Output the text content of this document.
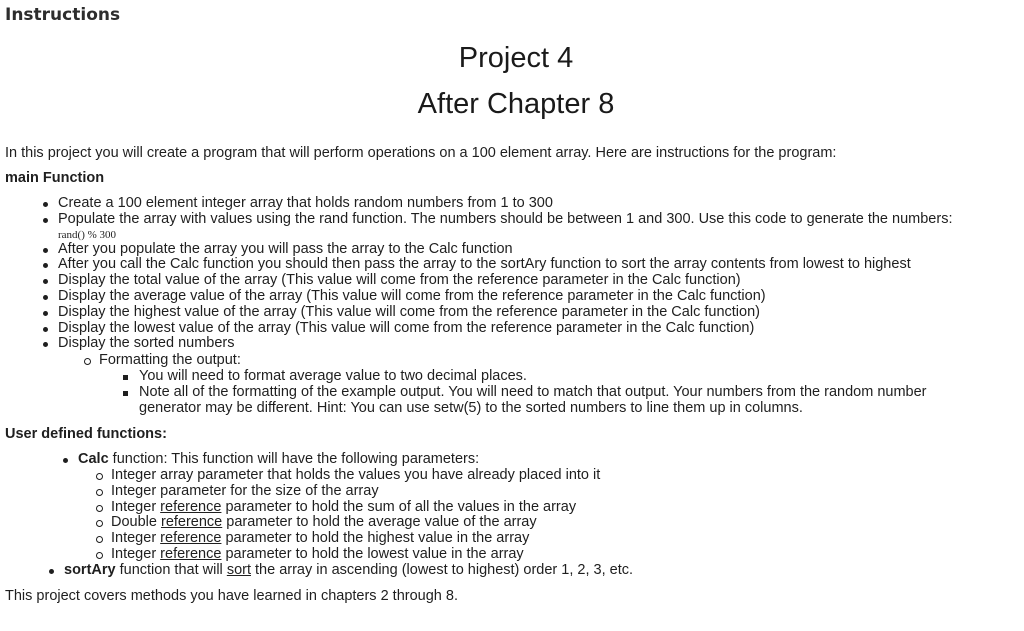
Instructions
Project 4
After Chapter 8
In this project you will create a program that will perform operations on a 100 element array. Here are instructions for the program:
main Function
Create a 100 element integer array that holds random numbers from 1 to 300
Populate the array with values using the rand function. The numbers should be between 1 and 300. Use this code to generate the numbers:
rand() % 300
After you populate the array you will pass the array to the Calc function
After you call the Calc function you should then pass the array to the sortAry function to sort the array contents from lowest to highest
Display the total value of the array (This value will come from the reference parameter in the Calc function)
Display the average value of the array (This value will come from the reference parameter in the Calc function)
Display the highest value of the array (This value will come from the reference parameter in the Calc function)
Display the lowest value of the array (This value will come from the reference parameter in the Calc function)
Display the sorted numbers
Formatting the output:
You will need to format average value to two decimal places.
Note all of the formatting of the example output. You will need to match that output. Your numbers from the random number
generator may be different. Hint: You can use setw(5) to the sorted numbers to line them up in columns.
User defined functions:
Calc function: This function will have the following parameters:
Integer array parameter that holds the values you have already placed into it
Integer parameter for the size of the array
Integer reference parameter to hold the sum of all the values in the array
Double reference parameter to hold the average value of the array
Integer reference parameter to hold the highest value in the array
Integer reference parameter to hold the lowest value in the array
sortAry function that will sort the array in ascending (lowest to highest) order 1, 2, 3, etc.
This project covers methods you have learned in chapters 2 through 8.
